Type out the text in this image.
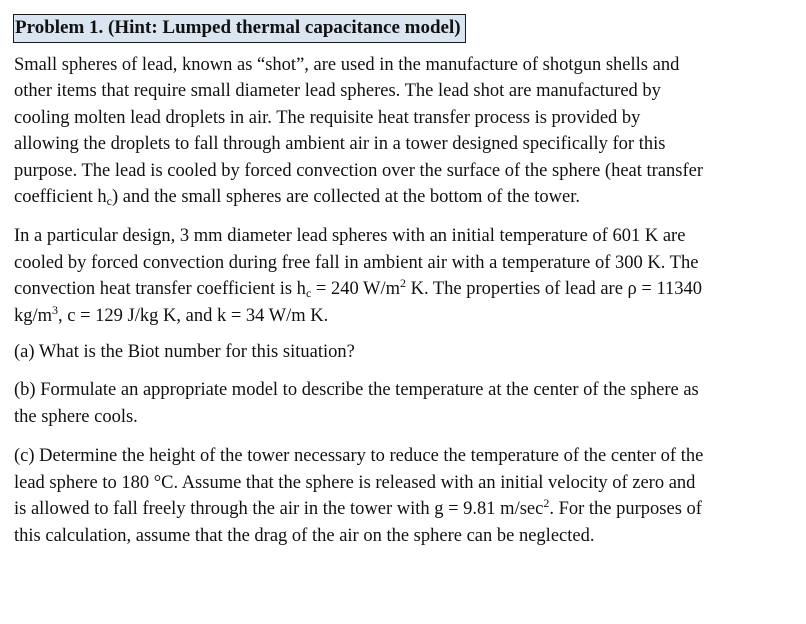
Problem 1. (Hint: Lumped thermal capacitance model)

Small spheres of lead, known as “shot”, are used in the manufacture of shotgun shells and
other items that require small diameter lead spheres. The lead shot are manufactured by
cooling molten lead droplets in air. The requisite heat transfer process is provided by
allowing the droplets to fall through ambient air in a tower designed specifically for this
purpose. The lead is cooled by forced convection over the surface of the sphere (heat transfer
coefficient $h_c$) and the small spheres are collected at the bottom of the tower.

In a particular design, 3 mm diameter lead spheres with an initial temperature of 601 K are
cooled by forced convection during free fall in ambient air with a temperature of 300 K. The
convection heat transfer coefficient is $h_c = 240$ $W/m^2$ K. The properties of lead are ρ = 11340
$kg/m^3$, c = 129 J/kg K, and k = 34 W/m K.

(a) What is the Biot number for this situation?

(b) Formulate an appropriate model to describe the temperature at the center of the sphere as
the sphere cools.

(c) Determine the height of the tower necessary to reduce the temperature of the center of the
lead sphere to 180 °C. Assume that the sphere is released with an initial velocity of zero and
is allowed to fall freely through the air in the tower with g = 9.81 $m/\sec^2$. For the purposes of
this calculation, assume that the drag of the air on the sphere can be neglected.
